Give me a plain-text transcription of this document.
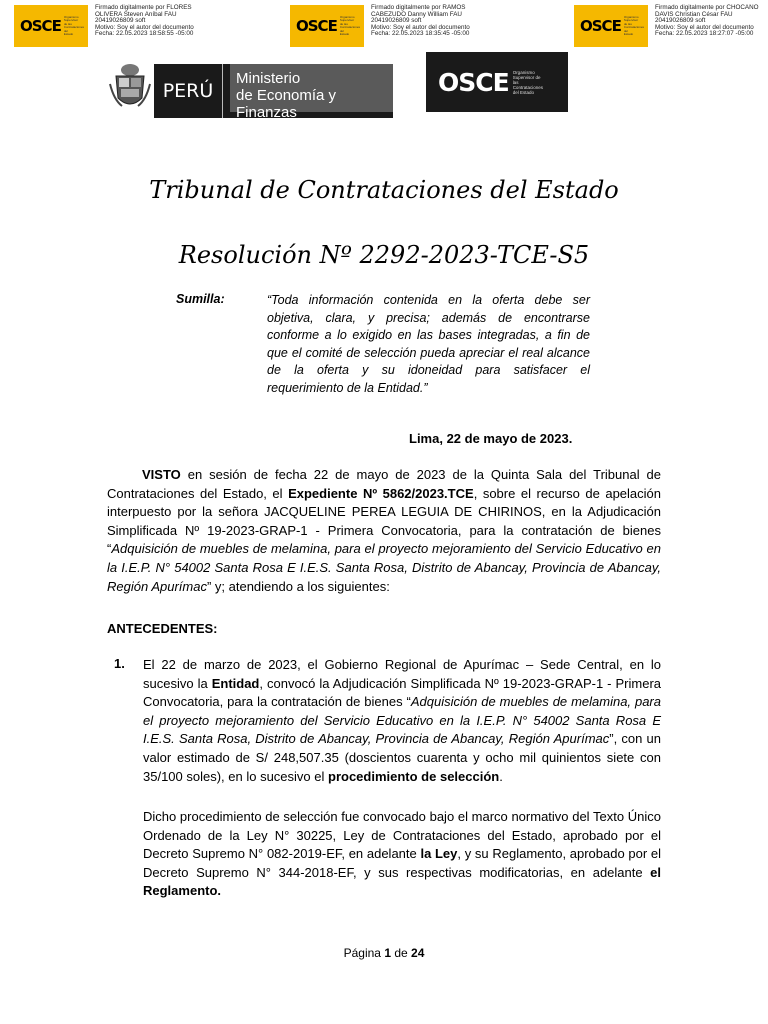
OSCE
Organismo Supervisor de las Contrataciones del Estado
Firmado digitalmente por FLORES
OLIVERA Steven Aníbal FAU
20419026809 soft
Motivo: Soy el autor del documento
Fecha: 22.05.2023 18:58:55 -05:00	OSCE
Organismo Supervisor de las Contrataciones del Estado
Firmado digitalmente por RAMOS
CABEZUDO Danny William FAU
20419026809 soft
Motivo: Soy el autor del documento
Fecha: 22.05.2023 18:35:45 -05:00	OSCE
Organismo Supervisor de las Contrataciones del Estado
Firmado digitalmente por CHOCANO
DAVIS Christian César FAU
20419026809 soft
Motivo: Soy el autor del documento
Fecha: 22.05.2023 18:27:07 -05:00
PERÚ
Ministerio
de Economía y Finanzas
OSCE Organismo Supervisor de las Contrataciones del Estado
Tribunal de Contrataciones del Estado
Resolución Nº 2292-2023-TCE-S5
Sumilla:	“Toda información contenida en la oferta debe ser objetiva, clara, y precisa; además de encontrarse conforme a lo exigido en las bases integradas, a fin de que el comité de selección pueda apreciar el real alcance de la oferta y su idoneidad para satisfacer el requerimiento de la Entidad.”
Lima, 22 de mayo de 2023.
VISTO en sesión de fecha 22 de mayo de 2023 de la Quinta Sala del Tribunal de Contrataciones del Estado, el Expediente Nº 5862/2023.TCE, sobre el recurso de apelación interpuesto por la señora JACQUELINE PEREA LEGUIA DE CHIRINOS, en la Adjudicación Simplificada Nº 19-2023-GRAP-1 - Primera Convocatoria, para la contratación de bienes “Adquisición de muebles de melamina, para el proyecto mejoramiento del Servicio Educativo en la I.E.P. N° 54002 Santa Rosa E I.E.S. Santa Rosa, Distrito de Abancay, Provincia de Abancay, Región Apurímac” y; atendiendo a los siguientes:
ANTECEDENTES:
1. El 22 de marzo de 2023, el Gobierno Regional de Apurímac – Sede Central, en lo sucesivo la Entidad, convocó la Adjudicación Simplificada Nº 19-2023-GRAP-1 - Primera Convocatoria, para la contratación de bienes “Adquisición de muebles de melamina, para el proyecto mejoramiento del Servicio Educativo en la I.E.P. N° 54002 Santa Rosa E I.E.S. Santa Rosa, Distrito de Abancay, Provincia de Abancay, Región Apurímac”, con un valor estimado de S/ 248,507.35 (doscientos cuarenta y ocho mil quinientos siete con 35/100 soles), en lo sucesivo el procedimiento de selección.
Dicho procedimiento de selección fue convocado bajo el marco normativo del Texto Único Ordenado de la Ley N° 30225, Ley de Contrataciones del Estado, aprobado por el Decreto Supremo N° 082-2019-EF, en adelante la Ley, y su Reglamento, aprobado por el Decreto Supremo N° 344-2018-EF, y sus respectivas modificatorias, en adelante el Reglamento.
Página 1 de 24
